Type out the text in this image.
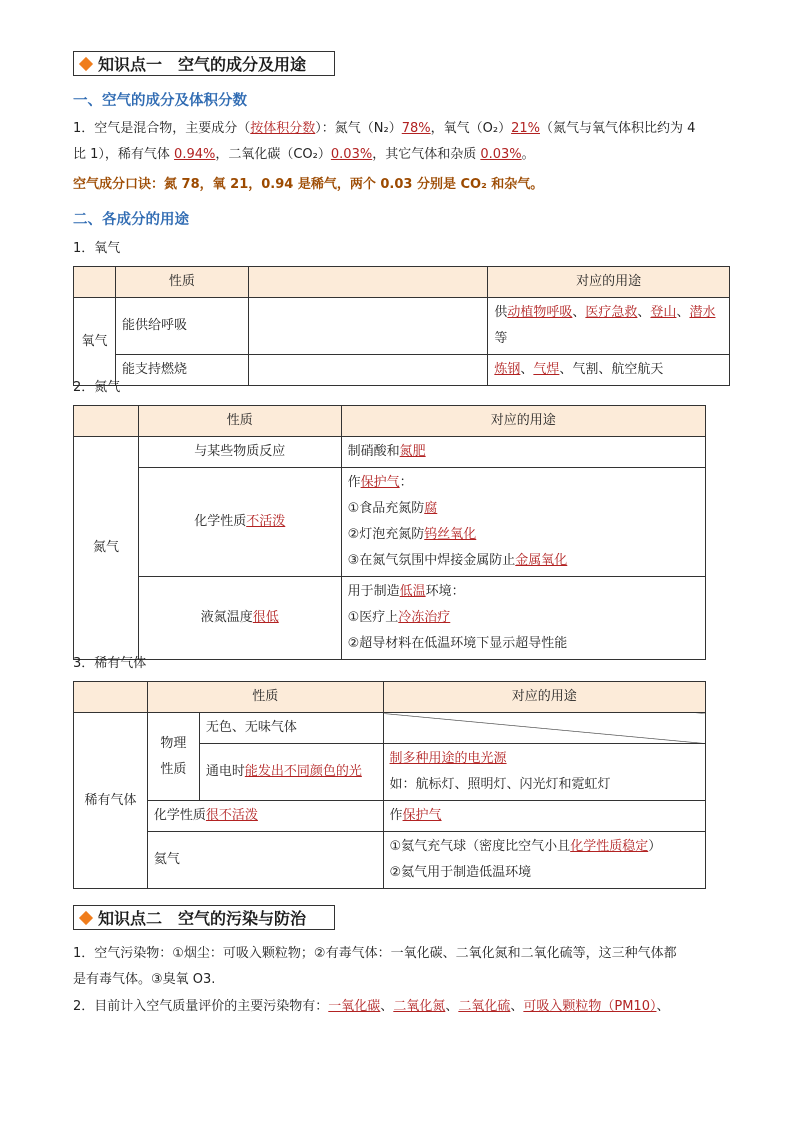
知识点一　空气的成分及用途
一、空气的成分及体积分数
1．空气是混合物，主要成分（按体积分数）：氮气（N₂）78%，氧气（O₂）21%（氮气与氧气体积比约为 4
比 1），稀有气体 0.94%，二氧化碳（CO₂）0.03%，其它气体和杂质 0.03%。
空气成分口诀：氮 78，氧 21，0.94 是稀气，两个 0.03 分别是 CO₂ 和杂气。
二、各成分的用途
1．氧气
	性质		对应的用途
氧气	能供给呼吸		供动植物呼吸、医疗急救、登山、潜水等
	能支持燃烧		炼钢、气焊、气割、航空航天
2．氮气
	性质	对应的用途
氮气	与某些物质反应	制硝酸和氮肥
	化学性质不活泼	作保护气：
①食品充氮防腐
②灯泡充氮防钨丝氧化
③在氮气氛围中焊接金属防止金属氧化

	液氮温度很低	用于制造低温环境：
①医疗上冷冻治疗
②超导材料在低温环境下显示超导性能
3．稀有气体
	性质		对应的用途
稀有气体	物理性质	无色、无味气体	
		通电时能发出不同颜色的光	制多种用途的电光源
如：航标灯、照明灯、闪光灯和霓虹灯

	化学性质很不活泼		作保护气
	氦气		①氦气充气球（密度比空气小且化学性质稳定）
②氦气用于制造低温环境
知识点二　空气的污染与防治
1．空气污染物：①烟尘：可吸入颗粒物；②有毒气体：一氧化碳、二氧化氮和二氧化硫等，这三种气体都
是有毒气体。③臭氧 O3.
2．目前计入空气质量评价的主要污染物有：一氧化碳、二氧化氮、二氧化硫、可吸入颗粒物（PM10）、
